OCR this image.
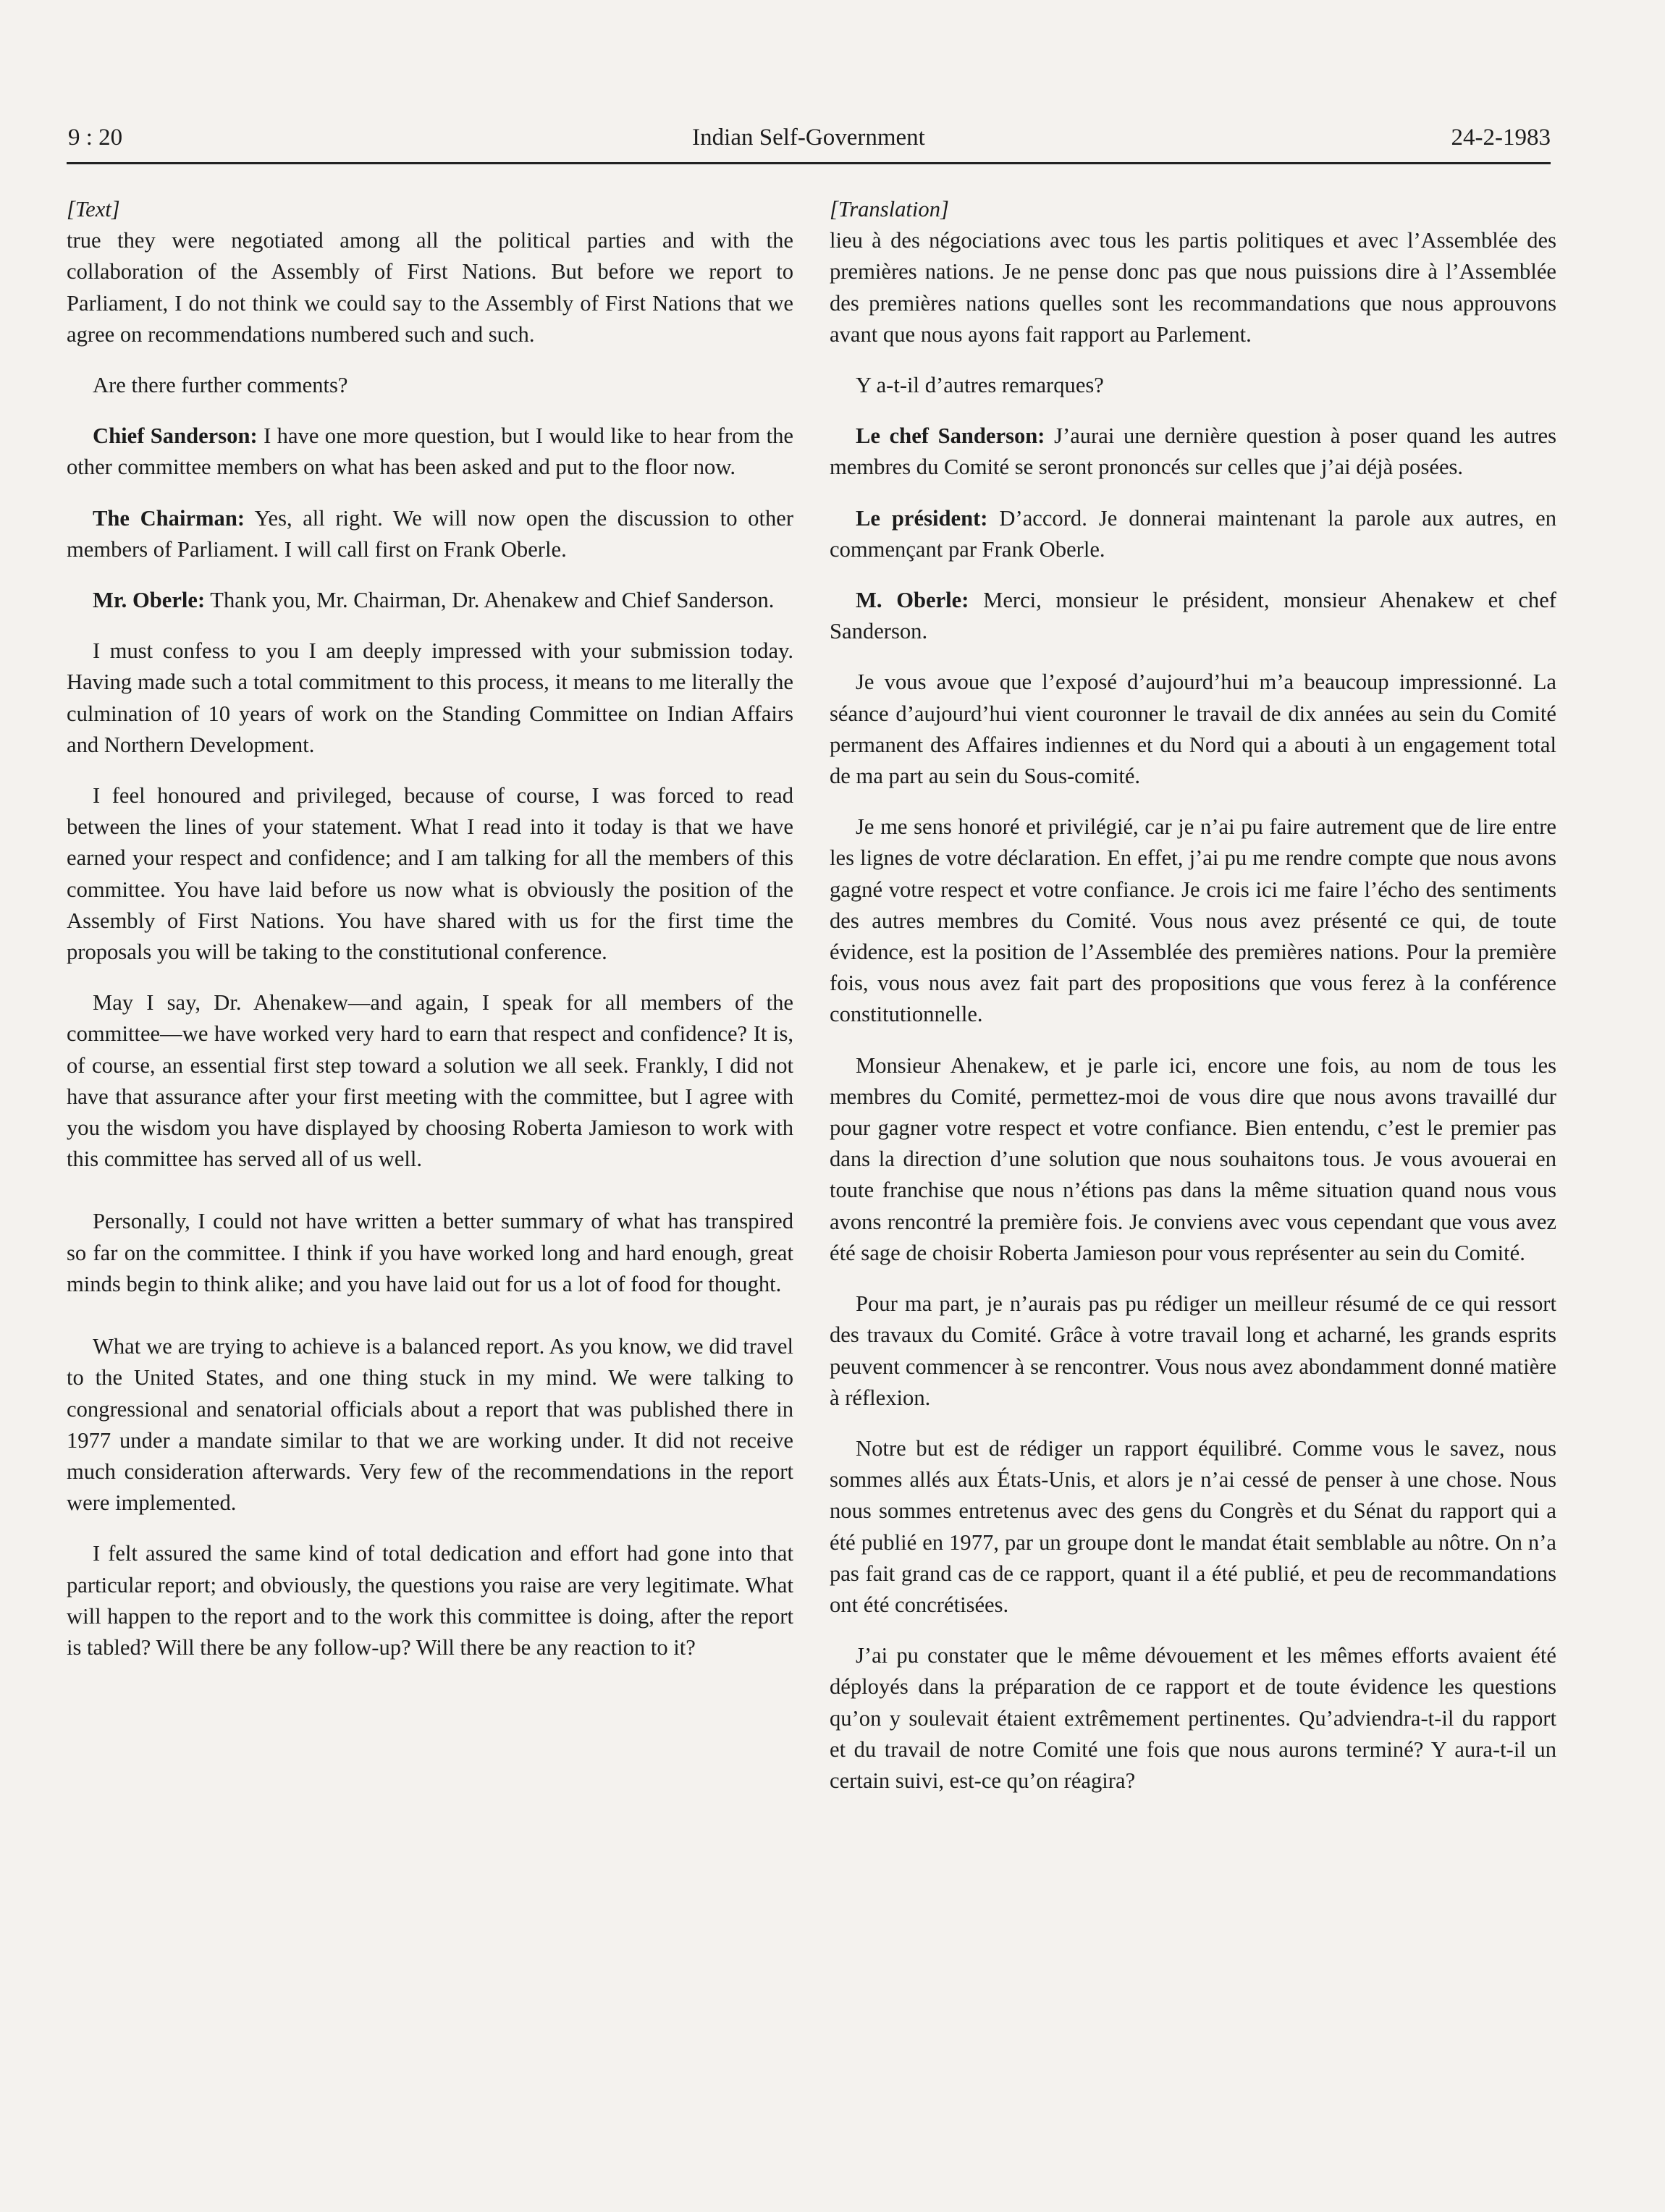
9 : 20	Indian Self-Government	24-2-1983

[Text]

true they were negotiated among all the political parties and with the collaboration of the Assembly of First Nations. But before we report to Parliament, I do not think we could say to the Assembly of First Nations that we agree on recommendations numbered such and such.

Are there further comments?

Chief Sanderson: I have one more question, but I would like to hear from the other committee members on what has been asked and put to the floor now.

The Chairman: Yes, all right. We will now open the discussion to other members of Parliament. I will call first on Frank Oberle.

Mr. Oberle: Thank you, Mr. Chairman, Dr. Ahenakew and Chief Sanderson.

I must confess to you I am deeply impressed with your submission today. Having made such a total commitment to this process, it means to me literally the culmination of 10 years of work on the Standing Committee on Indian Affairs and Northern Development.

I feel honoured and privileged, because of course, I was forced to read between the lines of your statement. What I read into it today is that we have earned your respect and confidence; and I am talking for all the members of this committee. You have laid before us now what is obviously the position of the Assembly of First Nations. You have shared with us for the first time the proposals you will be taking to the constitutional conference.

May I say, Dr. Ahenakew—and again, I speak for all members of the committee—we have worked very hard to earn that respect and confidence? It is, of course, an essential first step toward a solution we all seek. Frankly, I did not have that assurance after your first meeting with the committee, but I agree with you the wisdom you have displayed by choosing Roberta Jamieson to work with this committee has served all of us well.

Personally, I could not have written a better summary of what has transpired so far on the committee. I think if you have worked long and hard enough, great minds begin to think alike; and you have laid out for us a lot of food for thought.

What we are trying to achieve is a balanced report. As you know, we did travel to the United States, and one thing stuck in my mind. We were talking to congressional and senatorial officials about a report that was published there in 1977 under a mandate similar to that we are working under. It did not receive much consideration afterwards. Very few of the recommendations in the report were implemented.

I felt assured the same kind of total dedication and effort had gone into that particular report; and obviously, the questions you raise are very legitimate. What will happen to the report and to the work this committee is doing, after the report is tabled? Will there be any follow-up? Will there be any reaction to it?

[Translation]

lieu à des négociations avec tous les partis politiques et avec l’Assemblée des premières nations. Je ne pense donc pas que nous puissions dire à l’Assemblée des premières nations quelles sont les recommandations que nous approuvons avant que nous ayons fait rapport au Parlement.

Y a-t-il d’autres remarques?

Le chef Sanderson: J’aurai une dernière question à poser quand les autres membres du Comité se seront prononcés sur celles que j’ai déjà posées.

Le président: D’accord. Je donnerai maintenant la parole aux autres, en commençant par Frank Oberle.

M. Oberle: Merci, monsieur le président, monsieur Ahenakew et chef Sanderson.

Je vous avoue que l’exposé d’aujourd’hui m’a beaucoup impressionné. La séance d’aujourd’hui vient couronner le travail de dix années au sein du Comité permanent des Affaires indiennes et du Nord qui a abouti à un engagement total de ma part au sein du Sous-comité.

Je me sens honoré et privilégié, car je n’ai pu faire autrement que de lire entre les lignes de votre déclaration. En effet, j’ai pu me rendre compte que nous avons gagné votre respect et votre confiance. Je crois ici me faire l’écho des sentiments des autres membres du Comité. Vous nous avez présenté ce qui, de toute évidence, est la position de l’Assemblée des premières nations. Pour la première fois, vous nous avez fait part des propositions que vous ferez à la conférence constitutionnelle.

Monsieur Ahenakew, et je parle ici, encore une fois, au nom de tous les membres du Comité, permettez-moi de vous dire que nous avons travaillé dur pour gagner votre respect et votre confiance. Bien entendu, c’est le premier pas dans la direction d’une solution que nous souhaitons tous. Je vous avouerai en toute franchise que nous n’étions pas dans la même situation quand nous vous avons rencontré la première fois. Je conviens avec vous cependant que vous avez été sage de choisir Roberta Jamieson pour vous représenter au sein du Comité.

Pour ma part, je n’aurais pas pu rédiger un meilleur résumé de ce qui ressort des travaux du Comité. Grâce à votre travail long et acharné, les grands esprits peuvent commencer à se rencontrer. Vous nous avez abondamment donné matière à réflexion.

Notre but est de rédiger un rapport équilibré. Comme vous le savez, nous sommes allés aux États-Unis, et alors je n’ai cessé de penser à une chose. Nous nous sommes entretenus avec des gens du Congrès et du Sénat du rapport qui a été publié en 1977, par un groupe dont le mandat était semblable au nôtre. On n’a pas fait grand cas de ce rapport, quant il a été publié, et peu de recommandations ont été concrétisées.

J’ai pu constater que le même dévouement et les mêmes efforts avaient été déployés dans la préparation de ce rapport et de toute évidence les questions qu’on y soulevait étaient extrêmement pertinentes. Qu’adviendra-t-il du rapport et du travail de notre Comité une fois que nous aurons terminé? Y aura-t-il un certain suivi, est-ce qu’on réagira?
